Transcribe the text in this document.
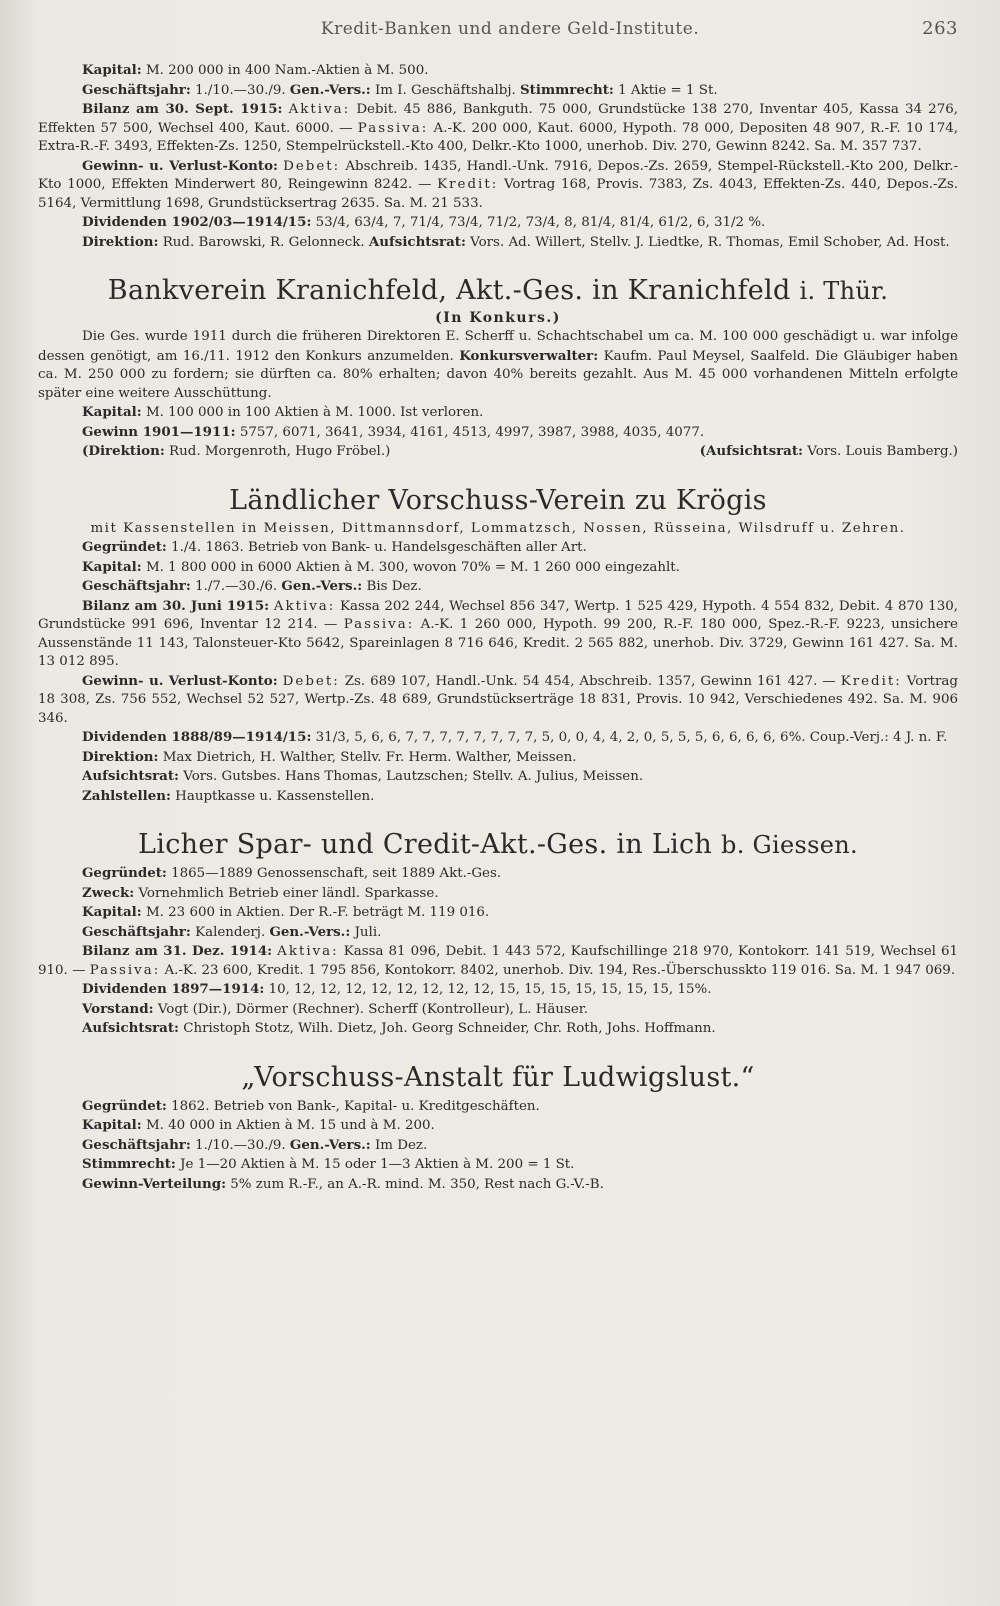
Kredit-Banken und andere Geld-Institute.	263

Kapital: M. 200 000 in 400 Nam.-Aktien à M. 500.

Geschäftsjahr: 1./10.—30./9. Gen.-Vers.: Im I. Geschäftshalbj. Stimmrecht: 1 Aktie = 1 St.

Bilanz am 30. Sept. 1915: Aktiva: Debit. 45 886, Bankguth. 75 000, Grundstücke 138 270, Inventar 405, Kassa 34 276, Effekten 57 500, Wechsel 400, Kaut. 6000. — Passiva: A.-K. 200 000, Kaut. 6000, Hypoth. 78 000, Depositen 48 907, R.-F. 10 174, Extra-R.-F. 3493, Effekten-Zs. 1250, Stempelrückstell.-Kto 400, Delkr.-Kto 1000, unerhob. Div. 270, Gewinn 8242. Sa. M. 357 737.

Gewinn- u. Verlust-Konto: Debet: Abschreib. 1435, Handl.-Unk. 7916, Depos.-Zs. 2659, Stempel-Rückstell.-Kto 200, Delkr.-Kto 1000, Effekten Minderwert 80, Reingewinn 8242. — Kredit: Vortrag 168, Provis. 7383, Zs. 4043, Effekten-Zs. 440, Depos.-Zs. 5164, Vermittlung 1698, Grundstücksertrag 2635. Sa. M. 21 533.

Dividenden 1902/03—1914/15: 53/4, 63/4, 7, 71/4, 73/4, 71/2, 73/4, 8, 81/4, 81/4, 61/2, 6, 31/2 %.

Direktion: Rud. Barowski, R. Gelonneck. Aufsichtsrat: Vors. Ad. Willert, Stellv. J. Liedtke, R. Thomas, Emil Schober, Ad. Host.

Bankverein Kranichfeld, Akt.-Ges. in Kranichfeld i. Thür.
(In Konkurs.)

Die Ges. wurde 1911 durch die früheren Direktoren E. Scherff u. Schachtschabel um ca. M. 100 000 geschädigt u. war infolge dessen genötigt, am 16./11. 1912 den Konkurs anzumelden. Konkursverwalter: Kaufm. Paul Meysel, Saalfeld. Die Gläubiger haben ca. M. 250 000 zu fordern; sie dürften ca. 80% erhalten; davon 40% bereits gezahlt. Aus M. 45 000 vorhandenen Mitteln erfolgte später eine weitere Ausschüttung.

Kapital: M. 100 000 in 100 Aktien à M. 1000. Ist verloren.

Gewinn 1901—1911: 5757, 6071, 3641, 3934, 4161, 4513, 4997, 3987, 3988, 4035, 4077.

(Direktion: Rud. Morgenroth, Hugo Fröbel.)	(Aufsichtsrat: Vors. Louis Bamberg.)

Ländlicher Vorschuss-Verein zu Krögis

mit Kassenstellen in Meissen, Dittmannsdorf, Lommatzsch, Nossen, Rüsseina, Wilsdruff u. Zehren.

Gegründet: 1./4. 1863. Betrieb von Bank- u. Handelsgeschäften aller Art.

Kapital: M. 1 800 000 in 6000 Aktien à M. 300, wovon 70% = M. 1 260 000 eingezahlt.

Geschäftsjahr: 1./7.—30./6. Gen.-Vers.: Bis Dez.

Bilanz am 30. Juni 1915: Aktiva: Kassa 202 244, Wechsel 856 347, Wertp. 1 525 429, Hypoth. 4 554 832, Debit. 4 870 130, Grundstücke 991 696, Inventar 12 214. — Passiva: A.-K. 1 260 000, Hypoth. 99 200, R.-F. 180 000, Spez.-R.-F. 9223, unsichere Aussenstände 11 143, Talonsteuer-Kto 5642, Spareinlagen 8 716 646, Kredit. 2 565 882, unerhob. Div. 3729, Gewinn 161 427. Sa. M. 13 012 895.

Gewinn- u. Verlust-Konto: Debet: Zs. 689 107, Handl.-Unk. 54 454, Abschreib. 1357, Gewinn 161 427. — Kredit: Vortrag 18 308, Zs. 756 552, Wechsel 52 527, Wertp.-Zs. 48 689, Grundstückserträge 18 831, Provis. 10 942, Verschiedenes 492. Sa. M. 906 346.

Dividenden 1888/89—1914/15: 31/3, 5, 6, 6, 7, 7, 7, 7, 7, 7, 7, 7, 5, 0, 0, 4, 4, 2, 0, 5, 5, 5, 6, 6, 6, 6, 6%. Coup.-Verj.: 4 J. n. F.

Direktion: Max Dietrich, H. Walther, Stellv. Fr. Herm. Walther, Meissen.

Aufsichtsrat: Vors. Gutsbes. Hans Thomas, Lautzschen; Stellv. A. Julius, Meissen.

Zahlstellen: Hauptkasse u. Kassenstellen.

Licher Spar- und Credit-Akt.-Ges. in Lich b. Giessen.

Gegründet: 1865—1889 Genossenschaft, seit 1889 Akt.-Ges.

Zweck: Vornehmlich Betrieb einer ländl. Sparkasse.

Kapital: M. 23 600 in Aktien. Der R.-F. beträgt M. 119 016.

Geschäftsjahr: Kalenderj. Gen.-Vers.: Juli.

Bilanz am 31. Dez. 1914: Aktiva: Kassa 81 096, Debit. 1 443 572, Kaufschillinge 218 970, Kontokorr. 141 519, Wechsel 61 910. — Passiva: A.-K. 23 600, Kredit. 1 795 856, Kontokorr. 8402, unerhob. Div. 194, Res.-Überschusskto 119 016. Sa. M. 1 947 069.

Dividenden 1897—1914: 10, 12, 12, 12, 12, 12, 12, 12, 12, 15, 15, 15, 15, 15, 15, 15, 15%.

Vorstand: Vogt (Dir.), Dörmer (Rechner). Scherff (Kontrolleur), L. Häuser.

Aufsichtsrat: Christoph Stotz, Wilh. Dietz, Joh. Georg Schneider, Chr. Roth, Johs. Hoffmann.

„Vorschuss-Anstalt für Ludwigslust.“

Gegründet: 1862. Betrieb von Bank-, Kapital- u. Kreditgeschäften.

Kapital: M. 40 000 in Aktien à M. 15 und à M. 200.

Geschäftsjahr: 1./10.—30./9. Gen.-Vers.: Im Dez.

Stimmrecht: Je 1—20 Aktien à M. 15 oder 1—3 Aktien à M. 200 = 1 St.

Gewinn-Verteilung: 5% zum R.-F., an A.-R. mind. M. 350, Rest nach G.-V.-B.
